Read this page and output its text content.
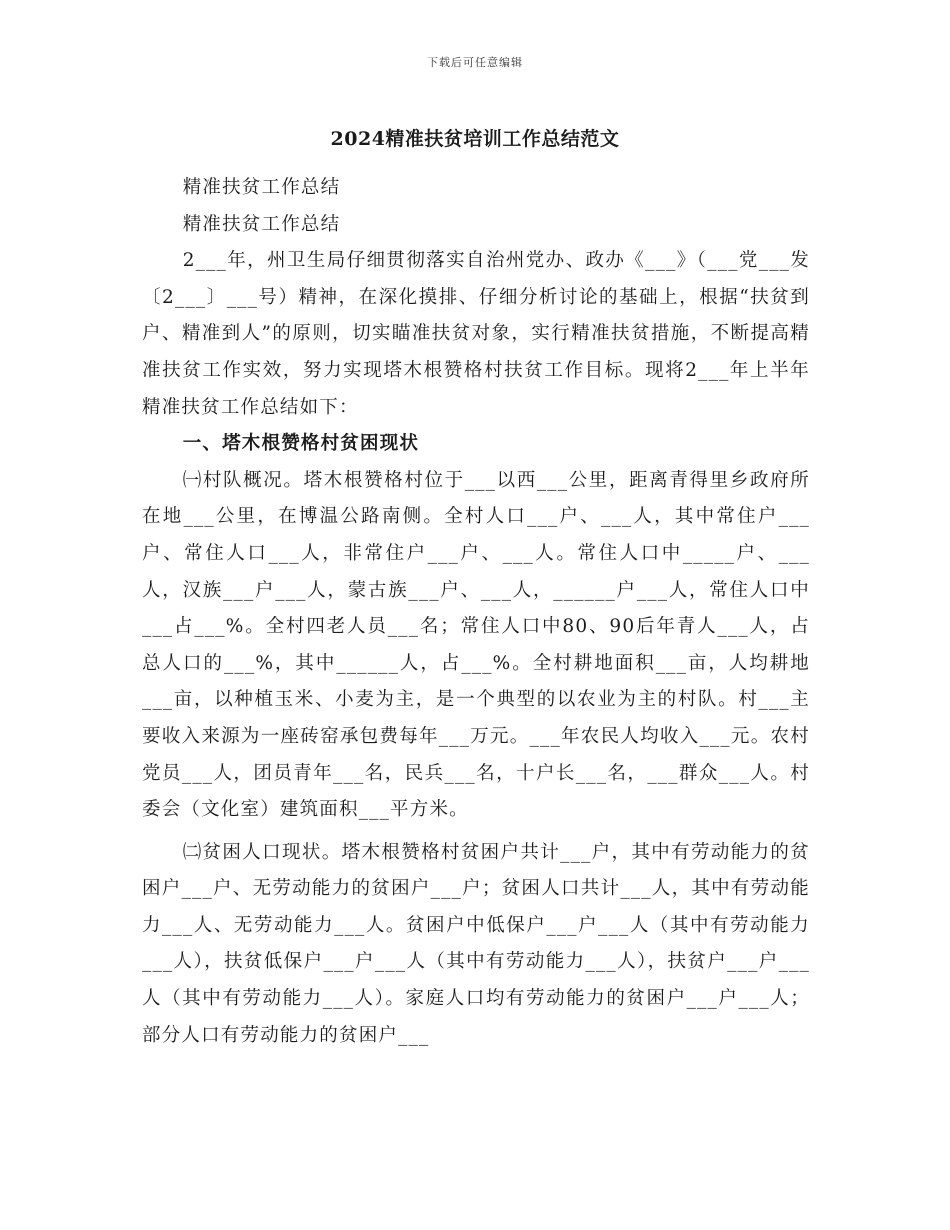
下载后可任意编辑
2024精准扶贫培训工作总结范文

精准扶贫工作总结

精准扶贫工作总结

2___年，州卫生局仔细贯彻落实自治州党办、政办《___》（___党___发〔2___〕___号）精神，在深化摸排、仔细分析讨论的基础上，根据“扶贫到户、精准到人”的原则，切实瞄准扶贫对象，实行精准扶贫措施，不断提高精准扶贫工作实效，努力实现塔木根赞格村扶贫工作目标。现将2___年上半年精准扶贫工作总结如下：

一、塔木根赞格村贫困现状

㈠村队概况。塔木根赞格村位于___以西___公里，距离青得里乡政府所在地___公里，在博温公路南侧。全村人口___户、___人，其中常住户___户、常住人口___人，非常住户___户、___人。常住人口中_____户、___人，汉族___户___人，蒙古族___户、___人，______户___人，常住人口中___占___%。全村四老人员___名；常住人口中80、90后年青人___人，占总人口的___%，其中______人，占___%。全村耕地面积___亩，人均耕地___亩，以种植玉米、小麦为主，是一个典型的以农业为主的村队。村___主要收入来源为一座砖窑承包费每年___万元。___年农民人均收入___元。农村党员___人，团员青年___名，民兵___名，十户长___名，___群众___人。村委会（文化室）建筑面积___平方米。

㈡贫困人口现状。塔木根赞格村贫困户共计___户，其中有劳动能力的贫困户___户、无劳动能力的贫困户___户；贫困人口共计___人，其中有劳动能力___人、无劳动能力___人。贫困户中低保户___户___人（其中有劳动能力___人），扶贫低保户___户___人（其中有劳动能力___人），扶贫户___户___人（其中有劳动能力___人）。家庭人口均有劳动能力的贫困户___户___人；部分人口有劳动能力的贫困户___
